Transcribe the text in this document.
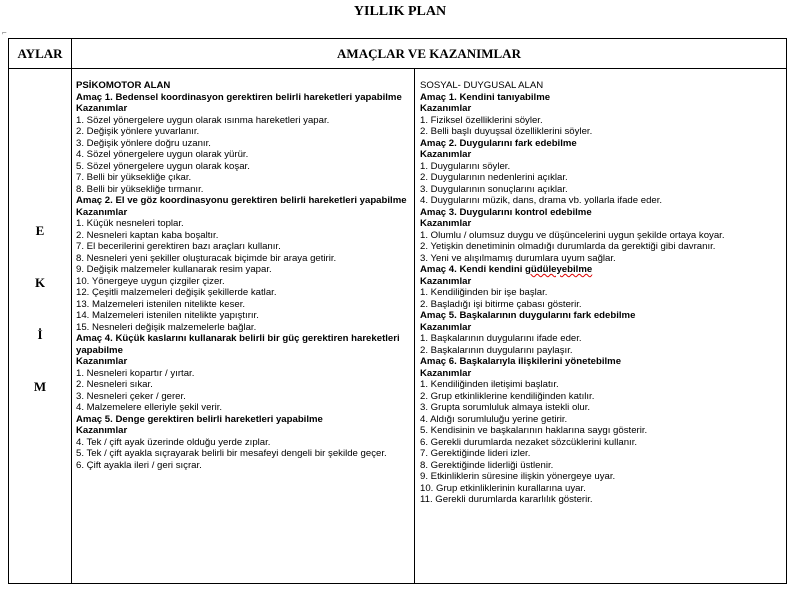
YILLIK PLAN
⌐
AYLAR	AMAÇLAR VE KAZANIMLAR
E
K
İ
M
PSİKOMOTOR ALAN
Amaç 1. Bedensel koordinasyon gerektiren belirli hareketleri yapabilme
Kazanımlar
1. Sözel yönergelere uygun olarak ısınma hareketleri yapar.
2. Değişik yönlere yuvarlanır.
3. Değişik yönlere doğru uzanır.
4. Sözel yönergelere uygun olarak yürür.
5. Sözel yönergelere uygun olarak koşar.
7. Belli bir yüksekliğe çıkar.
8. Belli bir yüksekliğe tırmanır.
Amaç 2. El ve göz koordinasyonu gerektiren belirli hareketleri yapabilme
Kazanımlar
1. Küçük nesneleri toplar.
2. Nesneleri kaptan kaba boşaltır.
7. El becerilerini gerektiren bazı araçları kullanır.
8. Nesneleri yeni şekiller oluşturacak biçimde bir araya getirir.
9. Değişik malzemeler kullanarak resim yapar.
10. Yönergeye uygun çizgiler çizer.
12. Çeşitli malzemeleri değişik şekillerde katlar.
13. Malzemeleri istenilen nitelikte keser.
14. Malzemeleri istenilen nitelikte yapıştırır.
15. Nesneleri değişik malzemelerle bağlar.
Amaç 4. Küçük kaslarını kullanarak belirli bir güç gerektiren hareketleri yapabilme
Kazanımlar
1. Nesneleri kopartır / yırtar.
2. Nesneleri sıkar.
3. Nesneleri çeker / gerer.
4. Malzemelere elleriyle şekil verir.
Amaç 5. Denge gerektiren belirli hareketleri yapabilme
Kazanımlar
4. Tek / çift ayak üzerinde olduğu yerde zıplar.
5. Tek / çift ayakla sıçrayarak belirli bir mesafeyi dengeli bir şekilde geçer.
6. Çift ayakla ileri / geri sıçrar.
SOSYAL- DUYGUSAL ALAN
Amaç 1. Kendini tanıyabilme
Kazanımlar
1. Fiziksel özelliklerini söyler.
2. Belli başlı duyuşsal özelliklerini söyler.
Amaç 2. Duygularını fark edebilme
Kazanımlar
1. Duygularını söyler.
2. Duygularının nedenlerini açıklar.
3. Duygularının sonuçlarını açıklar.
4. Duygularını müzik, dans, drama vb. yollarla ifade eder.
Amaç 3. Duygularını kontrol edebilme
Kazanımlar
1. Olumlu / olumsuz duygu ve düşüncelerini uygun şekilde ortaya koyar.
2. Yetişkin denetiminin olmadığı durumlarda da gerektiği gibi davranır.
3. Yeni ve alışılmamış durumlara uyum sağlar.
Amaç 4. Kendi kendini güdüleyebilme
Kazanımlar
1. Kendiliğinden bir işe başlar.
2. Başladığı işi bitirme çabası gösterir.
Amaç 5. Başkalarının duygularını fark edebilme
Kazanımlar
1. Başkalarının duygularını ifade eder.
2. Başkalarının duygularını paylaşır.
Amaç 6. Başkalarıyla ilişkilerini yönetebilme
Kazanımlar
1. Kendiliğinden iletişimi başlatır.
2. Grup etkinliklerine kendiliğinden katılır.
3. Grupta sorumluluk almaya istekli olur.
4. Aldığı sorumluluğu yerine getirir.
5. Kendisinin ve başkalarının haklarına saygı gösterir.
6. Gerekli durumlarda nezaket sözcüklerini kullanır.
7. Gerektiğinde lideri izler.
8. Gerektiğinde liderliği üstlenir.
9. Etkinliklerin süresine ilişkin yönergeye uyar.
10. Grup etkinliklerinin kurallarına uyar.
11. Gerekli durumlarda kararlılık gösterir.
